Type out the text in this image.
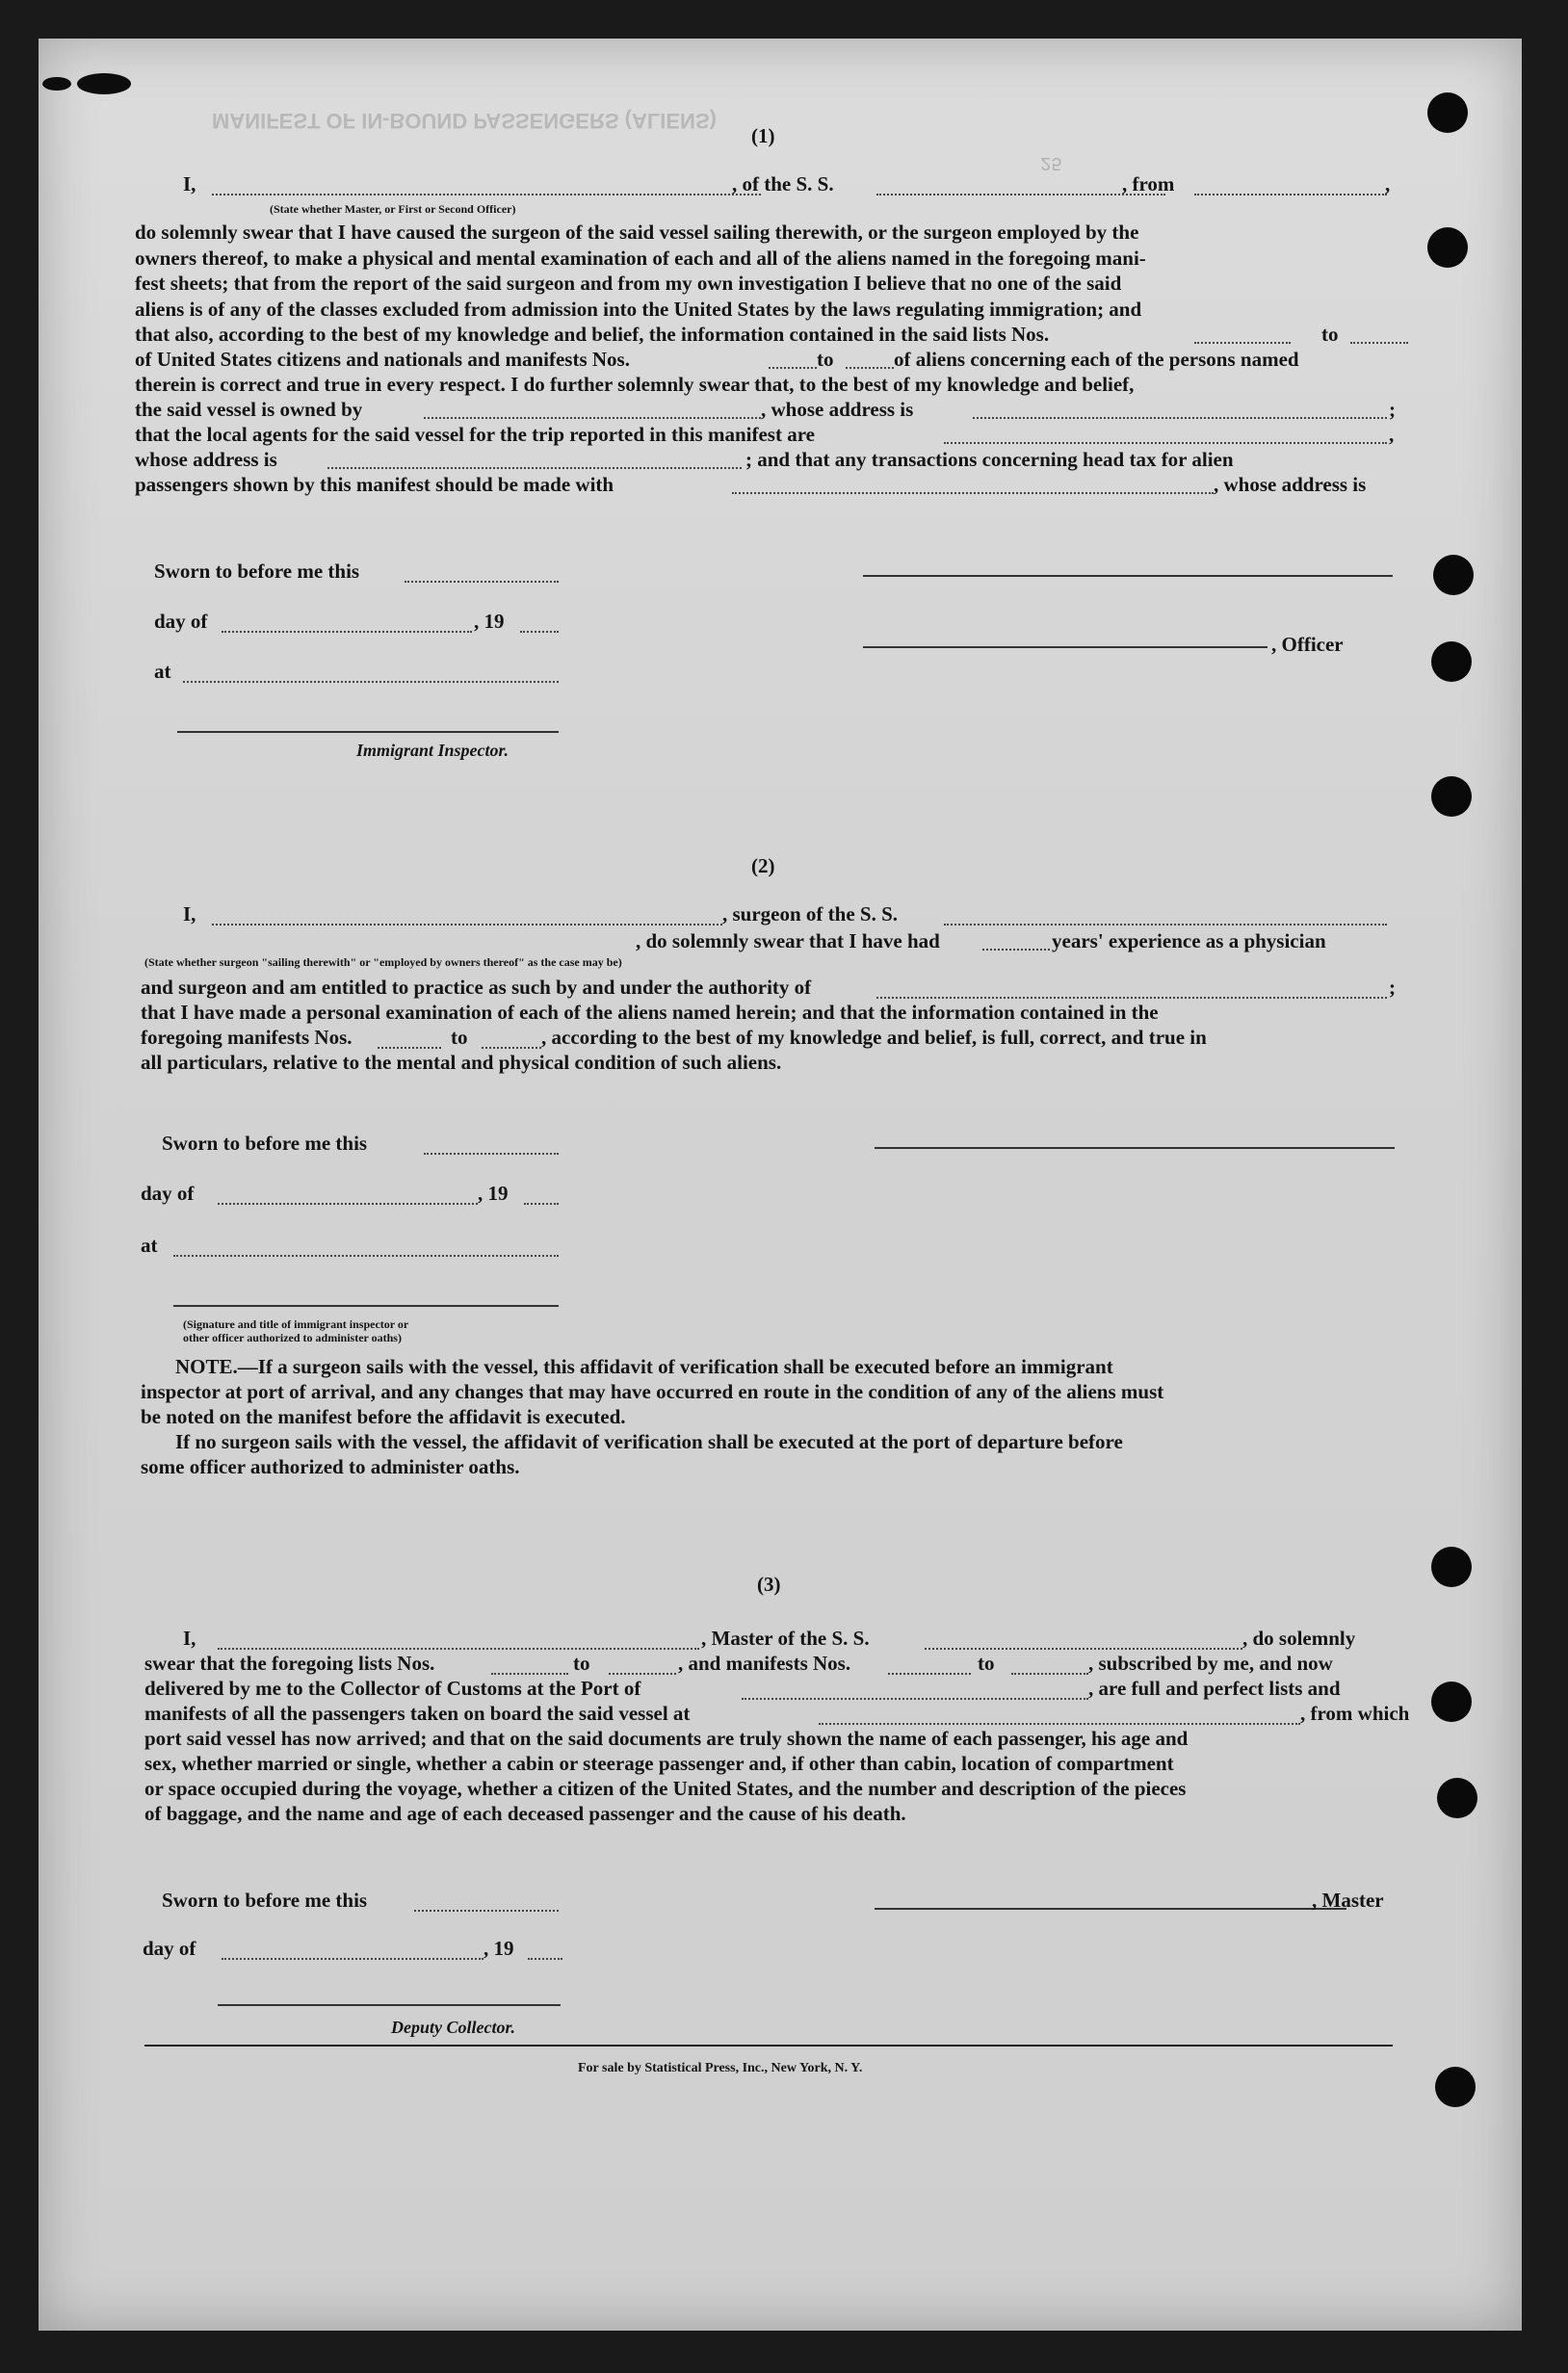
MANIFEST OF IN-BOUND PASSENGERS (ALIENS)
25
(1)
I,	, of the S. S.	, from	,
(State whether Master, or First or Second Officer)
do solemnly swear that I have caused the surgeon of the said vessel sailing therewith, or the surgeon employed by the
owners thereof, to make a physical and mental examination of each and all of the aliens named in the foregoing mani-
fest sheets; that from the report of the said surgeon and from my own investigation I believe that no one of the said
aliens is of any of the classes excluded from admission into the United States by the laws regulating immigration; and
that also, according to the best of my knowledge and belief, the information contained in the said lists Nos.	to
of United States citizens and nationals and manifests Nos.	to	of aliens concerning each of the persons named
therein is correct and true in every respect. I do further solemnly swear that, to the best of my knowledge and belief,
the said vessel is owned by	, whose address is	;
that the local agents for the said vessel for the trip reported in this manifest are	,
whose address is	; and that any transactions concerning head tax for alien
passengers shown by this manifest should be made with	, whose address is
Sworn to before me this
day of	, 19
, Officer
at
Immigrant Inspector.
(2)
I,	, surgeon of the S. S.
(State whether surgeon "sailing therewith" or "employed by owners thereof" as the case may be)
, do solemnly swear that I have had	years' experience as a physician
and surgeon and am entitled to practice as such by and under the authority of	;
that I have made a personal examination of each of the aliens named herein; and that the information contained in the
foregoing manifests Nos.	to	, according to the best of my knowledge and belief, is full, correct, and true in
all particulars, relative to the mental and physical condition of such aliens.
Sworn to before me this
day of	, 19
at
(Signature and title of immigrant inspector or
other officer authorized to administer oaths)
NOTE.—If a surgeon sails with the vessel, this affidavit of verification shall be executed before an immigrant
inspector at port of arrival, and any changes that may have occurred en route in the condition of any of the aliens must
be noted on the manifest before the affidavit is executed.
If no surgeon sails with the vessel, the affidavit of verification shall be executed at the port of departure before
some officer authorized to administer oaths.
(3)
I,	, Master of the S. S.	, do solemnly
swear that the foregoing lists Nos.	to	, and manifests Nos.	to	, subscribed by me, and now
delivered by me to the Collector of Customs at the Port of	, are full and perfect lists and
manifests of all the passengers taken on board the said vessel at	, from which
port said vessel has now arrived; and that on the said documents are truly shown the name of each passenger, his age and
sex, whether married or single, whether a cabin or steerage passenger and, if other than cabin, location of compartment
or space occupied during the voyage, whether a citizen of the United States, and the number and description of the pieces
of baggage, and the name and age of each deceased passenger and the cause of his death.
Sworn to before me this	, Master
day of	, 19
Deputy Collector.
For sale by Statistical Press, Inc., New York, N. Y.
